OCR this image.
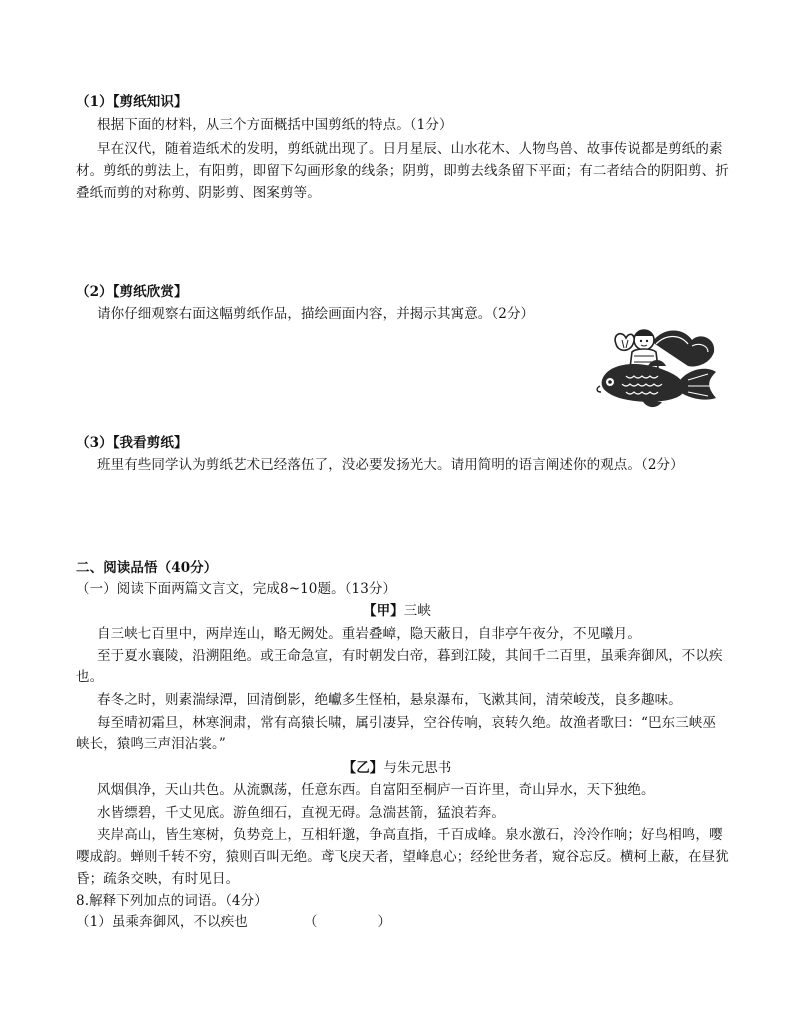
（1）【剪纸知识】
根据下面的材料，从三个方面概括中国剪纸的特点。（1分）
早在汉代，随着造纸术的发明，剪纸就出现了。日月星辰、山水花木、人物鸟兽、故事传说都是剪纸的素
材。剪纸的剪法上，有阳剪，即留下勾画形象的线条；阴剪，即剪去线条留下平面；有二者结合的阴阳剪、折
叠纸而剪的对称剪、阴影剪、图案剪等。
（2）【剪纸欣赏】
请你仔细观察右面这幅剪纸作品，描绘画面内容，并揭示其寓意。（2分）
（3）【我看剪纸】
班里有些同学认为剪纸艺术已经落伍了，没必要发扬光大。请用简明的语言阐述你的观点。（2分）
二、阅读品悟（40分）
（一）阅读下面两篇文言文，完成8~10题。（13分）
【甲】三峡
自三峡七百里中，两岸连山，略无阙处。重岩叠嶂，隐天蔽日，自非亭午夜分，不见曦月。
至于夏水襄陵，沿溯阻绝。或王命急宣，有时朝发白帝，暮到江陵，其间千二百里，虽乘奔御风，不以疾
也。
春冬之时，则素湍绿潭，回清倒影，绝巘多生怪柏，悬泉瀑布，飞漱其间，清荣峻茂，良多趣味。
每至晴初霜旦，林寒涧肃，常有高猿长啸，属引凄异，空谷传响，哀转久绝。故渔者歌曰：“巴东三峡巫
峡长，猿鸣三声泪沾裳。”
【乙】与朱元思书
风烟俱净，天山共色。从流飘荡，任意东西。自富阳至桐庐一百许里，奇山异水，天下独绝。
水皆缥碧，千丈见底。游鱼细石，直视无碍。急湍甚箭，猛浪若奔。
夹岸高山，皆生寒树，负势竞上，互相轩邈，争高直指，千百成峰。泉水激石，泠泠作响；好鸟相鸣，嘤
嘤成韵。蝉则千转不穷，猿则百叫无绝。鸢飞戾天者，望峰息心；经纶世务者，窥谷忘反。横柯上蔽，在昼犹
昏；疏条交映，有时见日。
8.解释下列加点的词语。（4分）
（1）虽乘奔御风，不以疾也	（	）
